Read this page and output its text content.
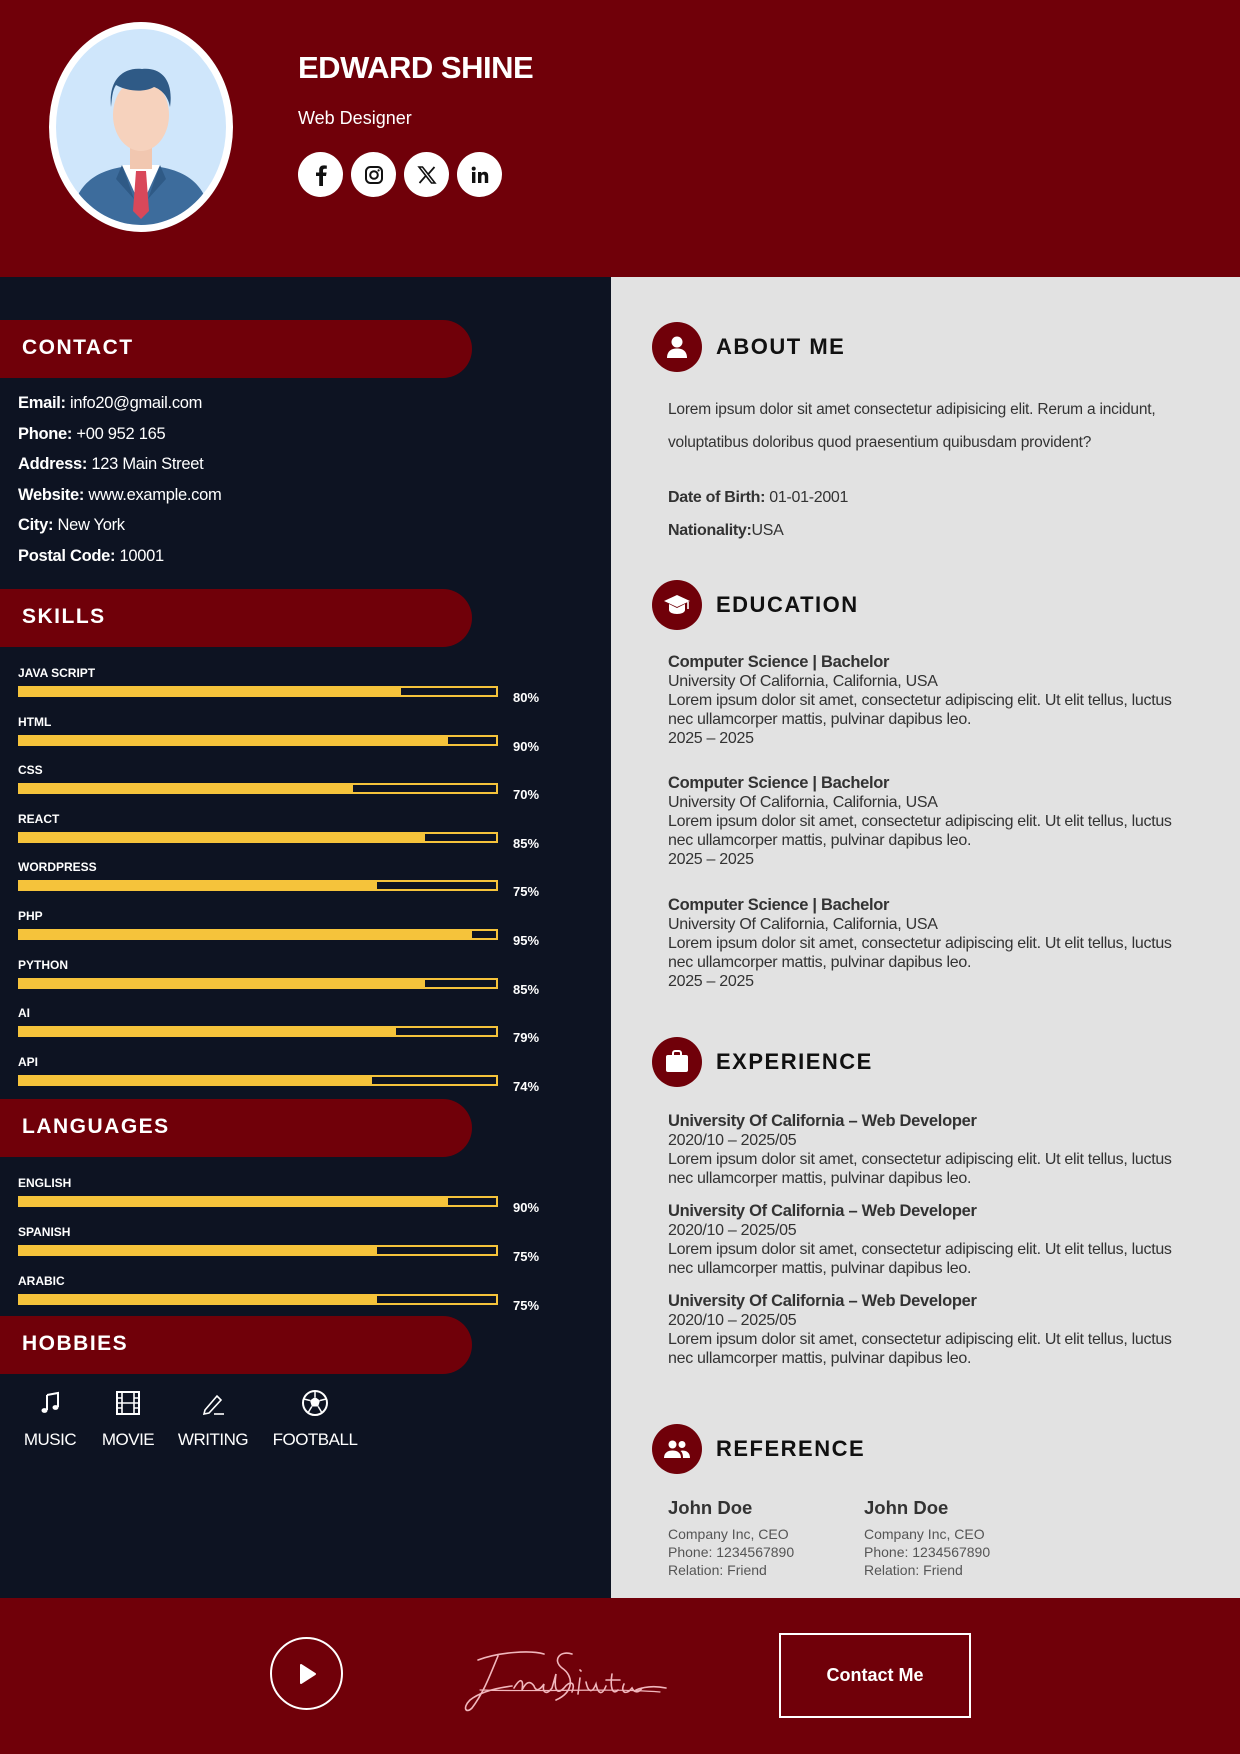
EDWARD SHINE
Web Designer
CONTACT
Email: info20@gmail.com
Phone: +00 952 165
Address: 123 Main Street
Website: www.example.com
City: New York
Postal Code: 10001
SKILLS
JAVA SCRIPT
80%
HTML
90%
CSS
70%
REACT
85%
WORDPRESS
75%
PHP
95%
PYTHON
85%
AI
79%
API
74%
LANGUAGES
ENGLISH
90%
SPANISH
75%
ARABIC
75%
HOBBIES
MUSIC	MOVIE	WRITING	FOOTBALL
ABOUT ME
Lorem ipsum dolor sit amet consectetur adipisicing elit. Rerum a incidunt, voluptatibus doloribus quod praesentium quibusdam provident?
Date of Birth: 01-01-2001
Nationality:USA
EDUCATION
Computer Science | Bachelor
University Of California, California, USA
Lorem ipsum dolor sit amet, consectetur adipiscing elit. Ut elit tellus, luctus nec ullamcorper mattis, pulvinar dapibus leo.
2025 – 2025
Computer Science | Bachelor
University Of California, California, USA
Lorem ipsum dolor sit amet, consectetur adipiscing elit. Ut elit tellus, luctus nec ullamcorper mattis, pulvinar dapibus leo.
2025 – 2025
Computer Science | Bachelor
University Of California, California, USA
Lorem ipsum dolor sit amet, consectetur adipiscing elit. Ut elit tellus, luctus nec ullamcorper mattis, pulvinar dapibus leo.
2025 – 2025
EXPERIENCE
University Of California – Web Developer
2020/10 – 2025/05
Lorem ipsum dolor sit amet, consectetur adipiscing elit. Ut elit tellus, luctus nec ullamcorper mattis, pulvinar dapibus leo.
University Of California – Web Developer
2020/10 – 2025/05
Lorem ipsum dolor sit amet, consectetur adipiscing elit. Ut elit tellus, luctus nec ullamcorper mattis, pulvinar dapibus leo.
University Of California – Web Developer
2020/10 – 2025/05
Lorem ipsum dolor sit amet, consectetur adipiscing elit. Ut elit tellus, luctus nec ullamcorper mattis, pulvinar dapibus leo.
REFERENCE
John Doe
Company Inc, CEO
Phone: 1234567890
Relation: Friend
John Doe
Company Inc, CEO
Phone: 1234567890
Relation: Friend
Contact Me
